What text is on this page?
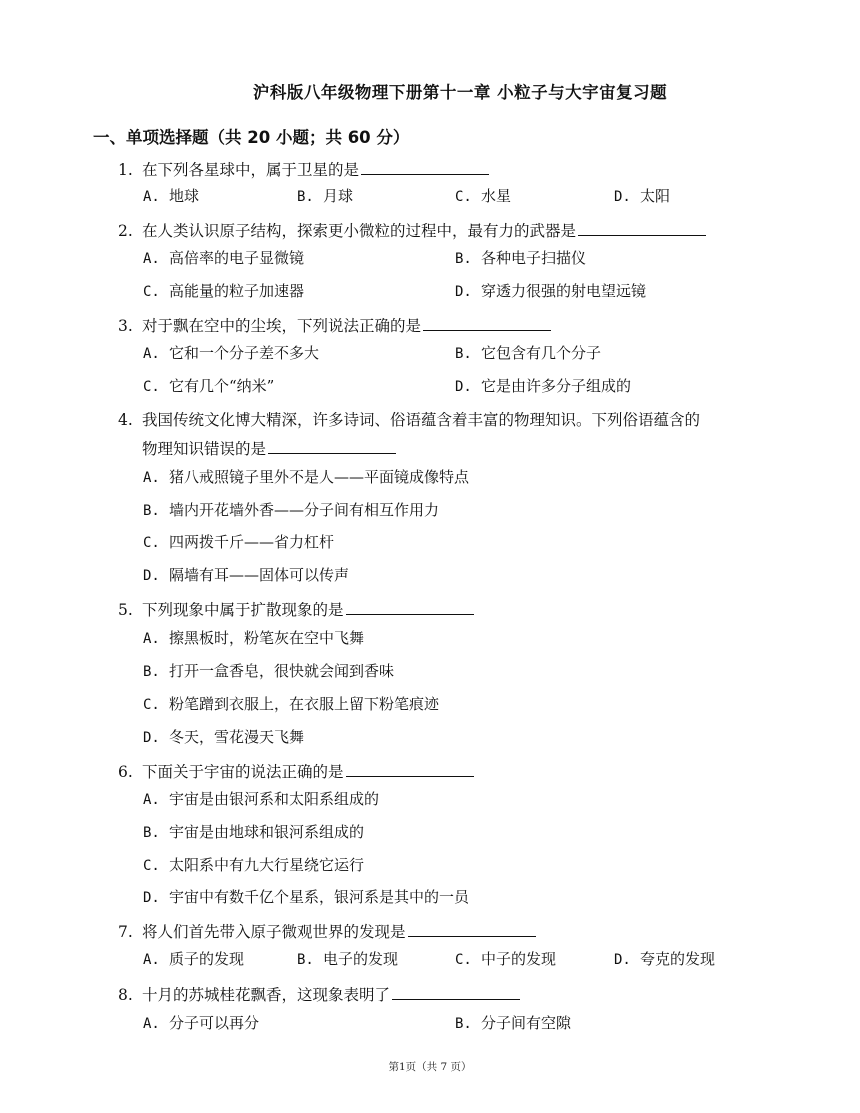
沪科版八年级物理下册第十一章 小粒子与大宇宙复习题
一、单项选择题（共 20 小题；共 60 分）
1. 在下列各星球中，属于卫星的是
A. 地球	B. 月球	C. 水星	D. 太阳
2. 在人类认识原子结构，探索更小微粒的过程中，最有力的武器是
A. 高倍率的电子显微镜	B. 各种电子扫描仪
C. 高能量的粒子加速器	D. 穿透力很强的射电望远镜
3. 对于飘在空中的尘埃，下列说法正确的是
A. 它和一个分子差不多大	B. 它包含有几个分子
C. 它有几个“纳米”	D. 它是由许多分子组成的
4. 我国传统文化博大精深，许多诗词、俗语蕴含着丰富的物理知识。下列俗语蕴含的
物理知识错误的是
A. 猪八戒照镜子里外不是人——平面镜成像特点
B. 墙内开花墙外香——分子间有相互作用力
C. 四两拨千斤——省力杠杆
D. 隔墙有耳——固体可以传声
5. 下列现象中属于扩散现象的是
A. 擦黑板时，粉笔灰在空中飞舞
B. 打开一盒香皂，很快就会闻到香味
C. 粉笔蹭到衣服上，在衣服上留下粉笔痕迹
D. 冬天，雪花漫天飞舞
6. 下面关于宇宙的说法正确的是
A. 宇宙是由银河系和太阳系组成的
B. 宇宙是由地球和银河系组成的
C. 太阳系中有九大行星绕它运行
D. 宇宙中有数千亿个星系，银河系是其中的一员
7. 将人们首先带入原子微观世界的发现是
A. 质子的发现	B. 电子的发现	C. 中子的发现	D. 夸克的发现
8. 十月的苏城桂花飘香，这现象表明了
A. 分子可以再分	B. 分子间有空隙
第1页（共 7 页）
